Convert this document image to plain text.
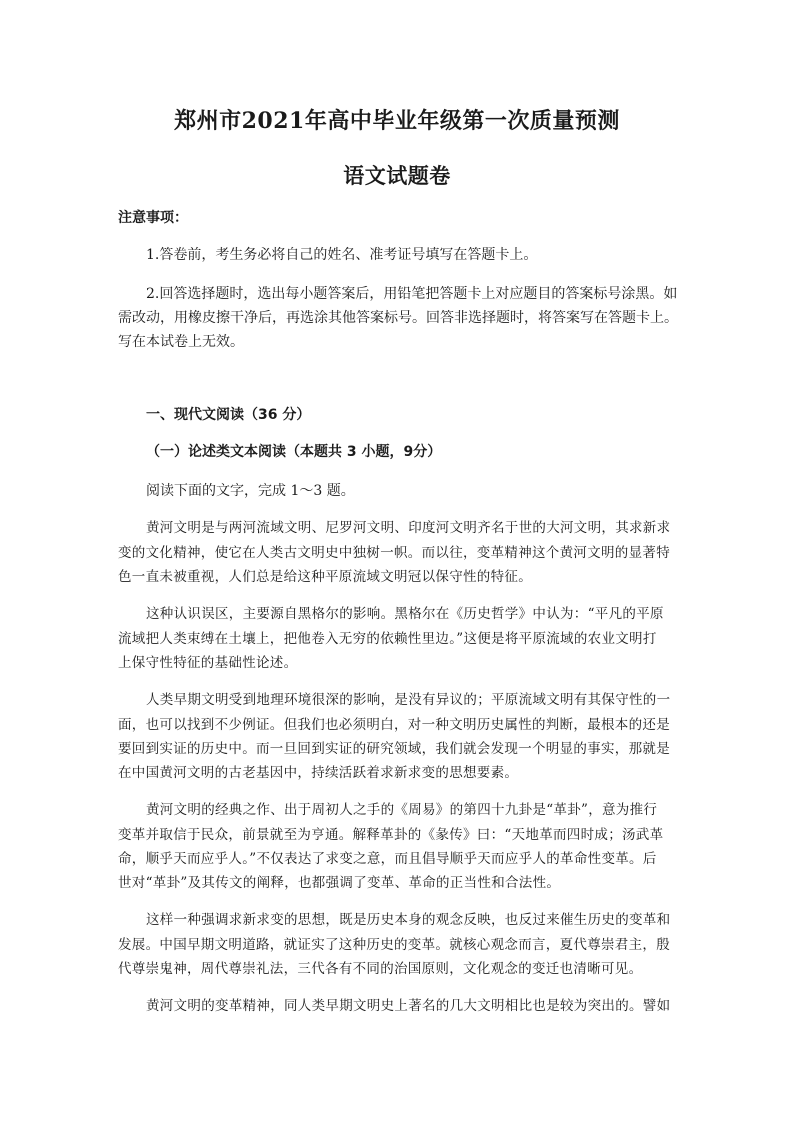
郑州市2021年高中毕业年级第一次质量预测
语文试题卷
注意事项：
1.答卷前，考生务必将自己的姓名、准考证号填写在答题卡上。
2.回答选择题时，选出每小题答案后，用铅笔把答题卡上对应题目的答案标号涂黑。如
需改动，用橡皮擦干净后，再选涂其他答案标号。回答非选择题时，将答案写在答题卡上。
写在本试卷上无效。
一、现代文阅读（36 分）
（一）论述类文本阅读（本题共 3 小题，9分）
阅读下面的文字，完成 1～3 题。
黄河文明是与两河流域文明、尼罗河文明、印度河文明齐名于世的大河文明，其求新求
变的文化精神，使它在人类古文明史中独树一帜。而以往，变革精神这个黄河文明的显著特
色一直未被重视，人们总是给这种平原流域文明冠以保守性的特征。
这种认识误区，主要源自黑格尔的影响。黑格尔在《历史哲学》中认为：“平凡的平原
流域把人类束缚在土壤上，把他卷入无穷的依赖性里边。”这便是将平原流域的农业文明打
上保守性特征的基础性论述。
人类早期文明受到地理环境很深的影响，是没有异议的；平原流域文明有其保守性的一
面，也可以找到不少例证。但我们也必须明白，对一种文明历史属性的判断，最根本的还是
要回到实证的历史中。而一旦回到实证的研究领域，我们就会发现一个明显的事实，那就是
在中国黄河文明的古老基因中，持续活跃着求新求变的思想要素。
黄河文明的经典之作、出于周初人之手的《周易》的第四十九卦是“革卦”，意为推行
变革并取信于民众，前景就至为亨通。解释革卦的《彖传》曰：“天地革而四时成；汤武革
命，顺乎天而应乎人。”不仅表达了求变之意，而且倡导顺乎天而应乎人的革命性变革。后
世对“革卦”及其传文的阐释，也都强调了变革、革命的正当性和合法性。
这样一种强调求新求变的思想，既是历史本身的观念反映，也反过来催生历史的变革和
发展。中国早期文明道路，就证实了这种历史的变革。就核心观念而言，夏代尊崇君主，殷
代尊崇鬼神，周代尊崇礼法，三代各有不同的治国原则，文化观念的变迁也清晰可见。
黄河文明的变革精神，同人类早期文明史上著名的几大文明相比也是较为突出的。譬如
